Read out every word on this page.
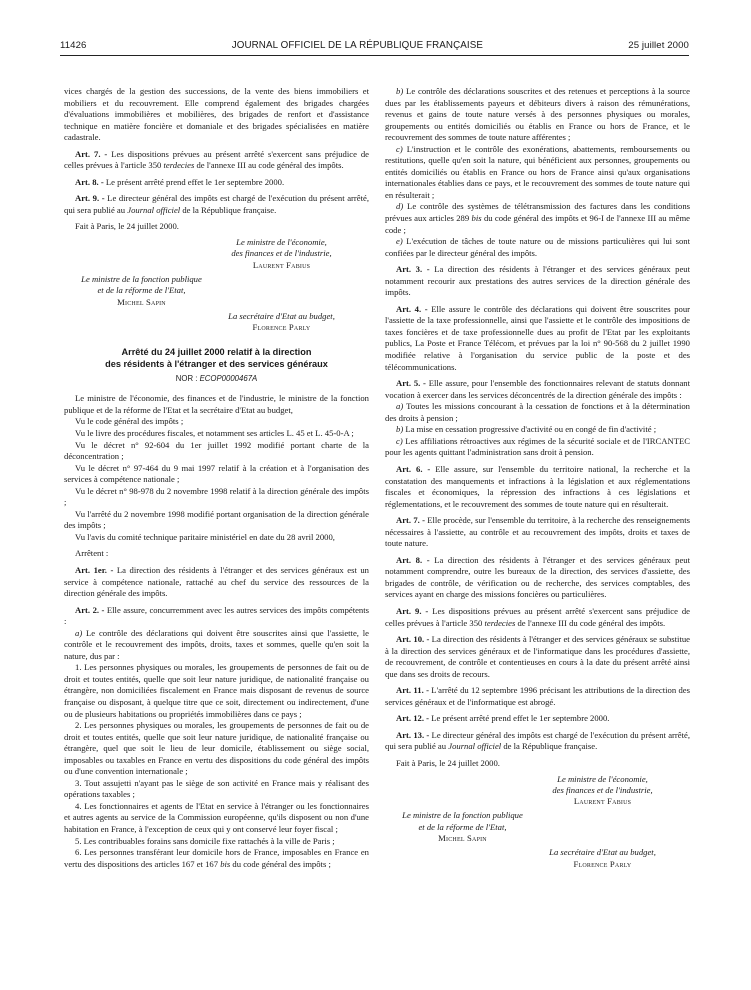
11426	JOURNAL OFFICIEL DE LA RÉPUBLIQUE FRANÇAISE	25 juillet 2000

vices chargés de la gestion des successions, de la vente des biens immobiliers et mobiliers et du recouvrement. Elle comprend également des brigades chargées d'évaluations immobilières et mobilières, des brigades de renfort et d'assistance technique en matière foncière et domaniale et des brigades spécialisées en matière cadastrale.

Art. 7. - Les dispositions prévues au présent arrêté s'exercent sans préjudice de celles prévues à l'article 350 terdecies de l'annexe III au code général des impôts.

Art. 8. - Le présent arrêté prend effet le 1er septembre 2000.

Art. 9. - Le directeur général des impôts est chargé de l'exécution du présent arrêté, qui sera publié au Journal officiel de la République française.

Fait à Paris, le 24 juillet 2000.

Le ministre de l'économie,
des finances et de l'industrie,
Laurent Fabius
Le ministre de la fonction publique
et de la réforme de l'Etat,
Michel Sapin
La secrétaire d'Etat au budget,
Florence Parly
Arrêté du 24 juillet 2000 relatif à la direction
des résidents à l'étranger et des services généraux
NOR : ECOP0000467A

Le ministre de l'économie, des finances et de l'industrie, le ministre de la fonction publique et de la réforme de l'Etat et la secrétaire d'Etat au budget,

Vu le code général des impôts ;

Vu le livre des procédures fiscales, et notamment ses articles L. 45 et L. 45-0-A ;

Vu le décret n° 92-604 du 1er juillet 1992 modifié portant charte de la déconcentration ;

Vu le décret n° 97-464 du 9 mai 1997 relatif à la création et à l'organisation des services à compétence nationale ;

Vu le décret n° 98-978 du 2 novembre 1998 relatif à la direction générale des impôts ;

Vu l'arrêté du 2 novembre 1998 modifié portant organisation de la direction générale des impôts ;

Vu l'avis du comité technique paritaire ministériel en date du 28 avril 2000,

Arrêtent :

Art. 1er. - La direction des résidents à l'étranger et des services généraux est un service à compétence nationale, rattaché au chef du service des ressources de la direction générale des impôts.

Art. 2. - Elle assure, concurremment avec les autres services des impôts compétents :

a) Le contrôle des déclarations qui doivent être souscrites ainsi que l'assiette, le contrôle et le recouvrement des impôts, droits, taxes et sommes, quelle qu'en soit la nature, dus par :

1. Les personnes physiques ou morales, les groupements de personnes de fait ou de droit et toutes entités, quelle que soit leur nature juridique, de nationalité française ou étrangère, non domiciliées fiscalement en France mais disposant de revenus de source française ou disposant, à quelque titre que ce soit, directement ou indirectement, d'une ou de plusieurs habitations ou propriétés immobilières dans ce pays ;

2. Les personnes physiques ou morales, les groupements de personnes de fait ou de droit et toutes entités, quelle que soit leur nature juridique, de nationalité française ou étrangère, quel que soit le lieu de leur domicile, établissement ou siège social, imposables ou taxables en France en vertu des dispositions du code général des impôts ou d'une convention internationale ;

3. Tout assujetti n'ayant pas le siège de son activité en France mais y réalisant des opérations taxables ;

4. Les fonctionnaires et agents de l'Etat en service à l'étranger ou les fonctionnaires et autres agents au service de la Commission européenne, qu'ils disposent ou non d'une habitation en France, à l'exception de ceux qui y ont conservé leur foyer fiscal ;

5. Les contribuables forains sans domicile fixe rattachés à la ville de Paris ;

6. Les personnes transférant leur domicile hors de France, imposables en France en vertu des dispositions des articles 167 et 167 bis du code général des impôts ;

b) Le contrôle des déclarations souscrites et des retenues et perceptions à la source dues par les établissements payeurs et débiteurs divers à raison des rémunérations, revenus et gains de toute nature versés à des personnes physiques ou morales, groupements ou entités domiciliés ou établis en France ou hors de France, et le recouvrement des sommes de toute nature afférentes ;

c) L'instruction et le contrôle des exonérations, abattements, remboursements ou restitutions, quelle qu'en soit la nature, qui bénéficient aux personnes, groupements ou entités domiciliés ou établis en France ou hors de France ainsi qu'aux organisations internationales établies dans ce pays, et le recouvrement des sommes de toute nature qui en résulterait ;

d) Le contrôle des systèmes de télétransmission des factures dans les conditions prévues aux articles 289 bis du code général des impôts et 96-I de l'annexe III au même code ;

e) L'exécution de tâches de toute nature ou de missions particulières qui lui sont confiées par le directeur général des impôts.

Art. 3. - La direction des résidents à l'étranger et des services généraux peut notamment recourir aux prestations des autres services de la direction générale des impôts.

Art. 4. - Elle assure le contrôle des déclarations qui doivent être souscrites pour l'assiette de la taxe professionnelle, ainsi que l'assiette et le contrôle des impositions de taxes foncières et de taxe professionnelle dues au profit de l'Etat par les exploitants publics, La Poste et France Télécom, et prévues par la loi n° 90-568 du 2 juillet 1990 modifiée relative à l'organisation du service public de la poste et des télécommunications.

Art. 5. - Elle assure, pour l'ensemble des fonctionnaires relevant de statuts donnant vocation à exercer dans les services déconcentrés de la direction générale des impôts :

a) Toutes les missions concourant à la cessation de fonctions et à la détermination des droits à pension ;

b) La mise en cessation progressive d'activité ou en congé de fin d'activité ;

c) Les affiliations rétroactives aux régimes de la sécurité sociale et de l'IRCANTEC pour les agents quittant l'administration sans droit à pension.

Art. 6. - Elle assure, sur l'ensemble du territoire national, la recherche et la constatation des manquements et infractions à la législation et aux réglementations fiscales et économiques, la répression des infractions à ces législations et réglementations, et le recouvrement des sommes de toute nature qui en résulterait.

Art. 7. - Elle procède, sur l'ensemble du territoire, à la recherche des renseignements nécessaires à l'assiette, au contrôle et au recouvrement des impôts, droits et taxes de toute nature.

Art. 8. - La direction des résidents à l'étranger et des services généraux peut notamment comprendre, outre les bureaux de la direction, des services d'assiette, des brigades de contrôle, de vérification ou de recherche, des services comptables, des services ayant en charge des missions foncières ou particulières.

Art. 9. - Les dispositions prévues au présent arrêté s'exercent sans préjudice de celles prévues à l'article 350 terdecies de l'annexe III du code général des impôts.

Art. 10. - La direction des résidents à l'étranger et des services généraux se substitue à la direction des services généraux et de l'informatique dans les procédures d'assiette, de recouvrement, de contrôle et contentieuses en cours à la date du présent arrêté ainsi que dans ses droits de recours.

Art. 11. - L'arrêté du 12 septembre 1996 précisant les attributions de la direction des services généraux et de l'informatique est abrogé.

Art. 12. - Le présent arrêté prend effet le 1er septembre 2000.

Art. 13. - Le directeur général des impôts est chargé de l'exécution du présent arrêté, qui sera publié au Journal officiel de la République française.

Fait à Paris, le 24 juillet 2000.

Le ministre de l'économie,
des finances et de l'industrie,
Laurent Fabius
Le ministre de la fonction publique
et de la réforme de l'Etat,
Michel Sapin
La secrétaire d'Etat au budget,
Florence Parly
